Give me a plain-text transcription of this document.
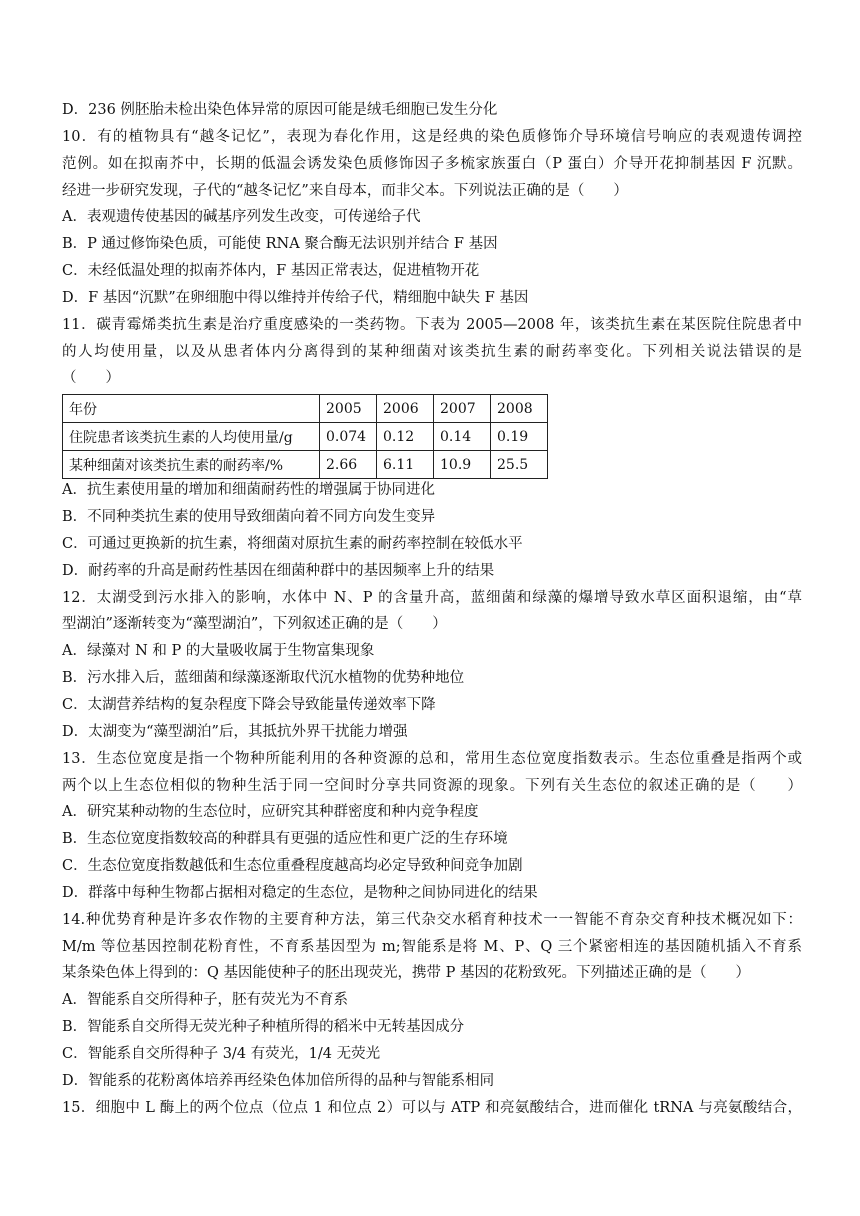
D．236 例胚胎未检出染色体异常的原因可能是绒毛细胞已发生分化
10．有的植物具有“越冬记忆”，表现为春化作用，这是经典的染色质修饰介导环境信号响应的表观遗传调控
范例。如在拟南芥中，长期的低温会诱发染色质修饰因子多梳家族蛋白（P 蛋白）介导开花抑制基因 F 沉默。
经进一步研究发现，子代的“越冬记忆”来自母本，而非父本。下列说法正确的是（　　）
A．表观遗传使基因的碱基序列发生改变，可传递给子代
B．P 通过修饰染色质，可能使 RNA 聚合酶无法识别并结合 F 基因
C．未经低温处理的拟南芥体内，F 基因正常表达，促进植物开花
D．F 基因“沉默”在卵细胞中得以维持并传给子代，精细胞中缺失 F 基因
11．碳青霉烯类抗生素是治疗重度感染的一类药物。下表为 2005—2008 年，该类抗生素在某医院住院患者中
的人均使用量，以及从患者体内分离得到的某种细菌对该类抗生素的耐药率变化。下列相关说法错误的是
（　　）
年份	2005	2006	2007	2008
住院患者该类抗生素的人均使用量/g	0.074	0.12	0.14	0.19
某种细菌对该类抗生素的耐药率/%	2.66	6.11	10.9	25.5
A．抗生素使用量的增加和细菌耐药性的增强属于协同进化
B．不同种类抗生素的使用导致细菌向着不同方向发生变异
C．可通过更换新的抗生素，将细菌对原抗生素的耐药率控制在较低水平
D．耐药率的升高是耐药性基因在细菌种群中的基因频率上升的结果
12．太湖受到污水排入的影响，水体中 N、P 的含量升高，蓝细菌和绿藻的爆增导致水草区面积退缩，由“草
型湖泊”逐渐转变为“藻型湖泊”，下列叙述正确的是（　　）
A．绿藻对 N 和 P 的大量吸收属于生物富集现象
B．污水排入后，蓝细菌和绿藻逐渐取代沉水植物的优势种地位
C．太湖营养结构的复杂程度下降会导致能量传递效率下降
D．太湖变为“藻型湖泊”后，其抵抗外界干扰能力增强
13．生态位宽度是指一个物种所能利用的各种资源的总和，常用生态位宽度指数表示。生态位重叠是指两个或
两个以上生态位相似的物种生活于同一空间时分享共同资源的现象。下列有关生态位的叙述正确的是（　　）
A．研究某种动物的生态位时，应研究其种群密度和种内竞争程度
B．生态位宽度指数较高的种群具有更强的适应性和更广泛的生存环境
C．生态位宽度指数越低和生态位重叠程度越高均必定导致种间竞争加剧
D．群落中每种生物都占据相对稳定的生态位，是物种之间协同进化的结果
14.种优势育种是许多农作物的主要育种方法，第三代杂交水稻育种技术一一智能不育杂交育种技术概况如下：
M/m 等位基因控制花粉育性，不育系基因型为 m;智能系是将 M、P、Q 三个紧密相连的基因随机插入不育系
某条染色体上得到的：Q 基因能使种子的胚出现荧光，携带 P 基因的花粉致死。下列描述正确的是（　　）
A．智能系自交所得种子，胚有荧光为不育系
B．智能系自交所得无荧光种子种植所得的稻米中无转基因成分
C．智能系自交所得种子 3/4 有荧光，1/4 无荧光
D．智能系的花粉离体培养再经染色体加倍所得的品种与智能系相同
15．细胞中 L 酶上的两个位点（位点 1 和位点 2）可以与 ATP 和亮氨酸结合，进而催化 tRNA 与亮氨酸结合，
